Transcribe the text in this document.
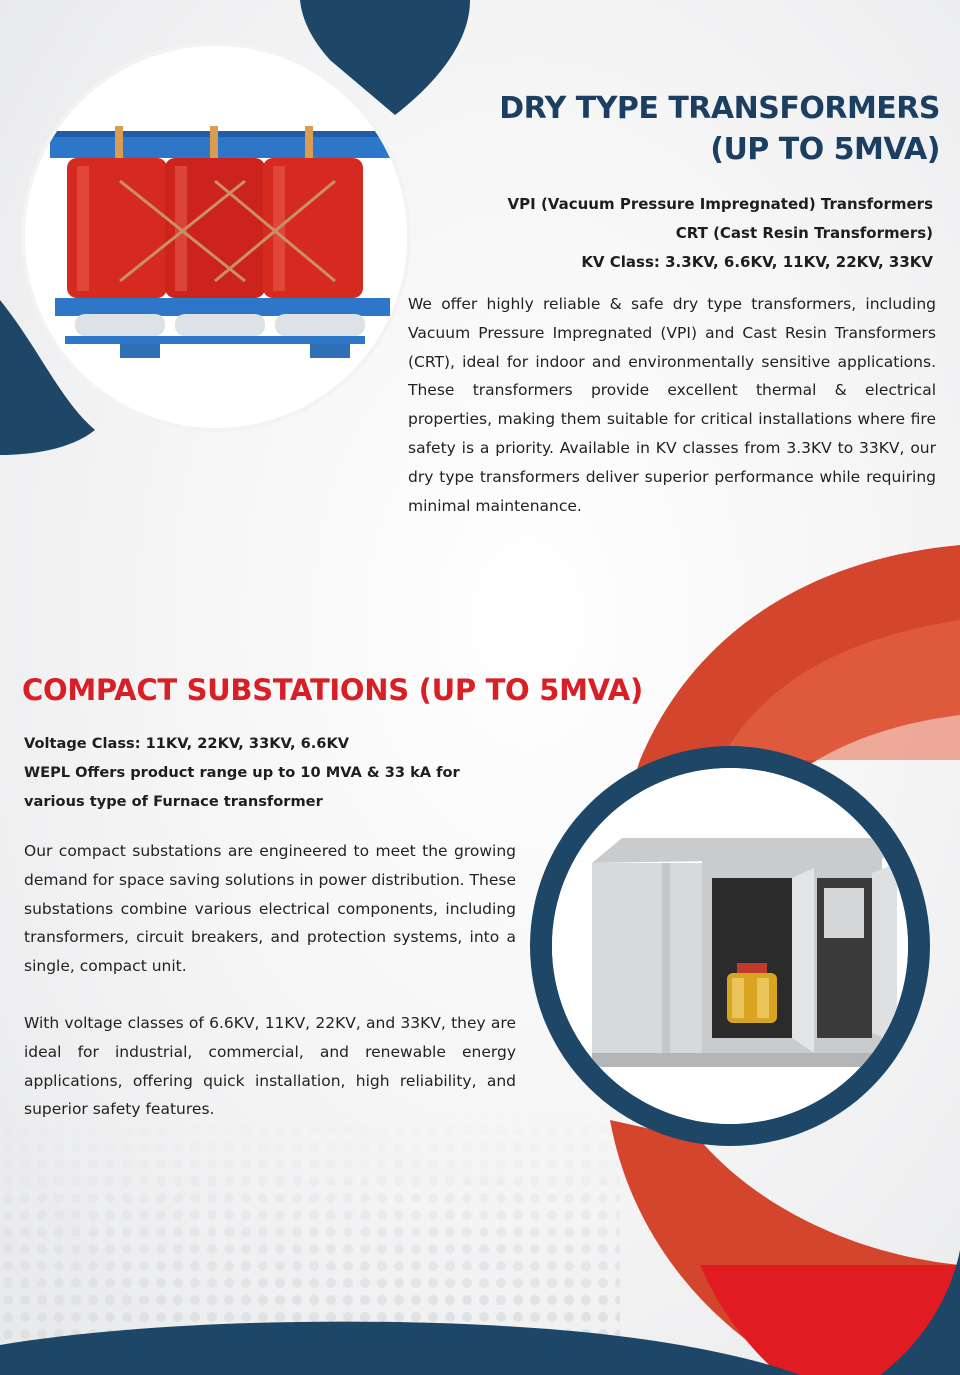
DRY TYPE TRANSFORMERS
(UP TO 5MVA)
VPI (Vacuum Pressure Impregnated) Transformers
CRT (Cast Resin Transformers)
KV Class: 3.3KV, 6.6KV, 11KV, 22KV, 33KV

We offer highly reliable & safe dry type transformers, including Vacuum Pressure Impregnated (VPI) and Cast Resin Transformers (CRT), ideal for indoor and environmentally sensitive applications. These transformers provide excellent thermal & electrical properties, making them suitable for critical installations where fire safety is a priority. Available in KV classes from 3.3KV to 33KV, our dry type transformers deliver superior performance while requiring minimal maintenance.

COMPACT SUBSTATIONS (UP TO 5MVA)
Voltage Class: 11KV, 22KV, 33KV, 6.6KV
WEPL Offers product range up to 10 MVA & 33 kA for
various type of Furnace transformer

Our compact substations are engineered to meet the growing demand for space saving solutions in power distribution. These substations combine various electrical components, including transformers, circuit breakers, and protection systems, into a single, compact unit.

With voltage classes of 6.6KV, 11KV, 22KV, and 33KV, they are ideal for industrial, commercial, and renewable energy applications, offering quick installation, high reliability, and superior safety features.
